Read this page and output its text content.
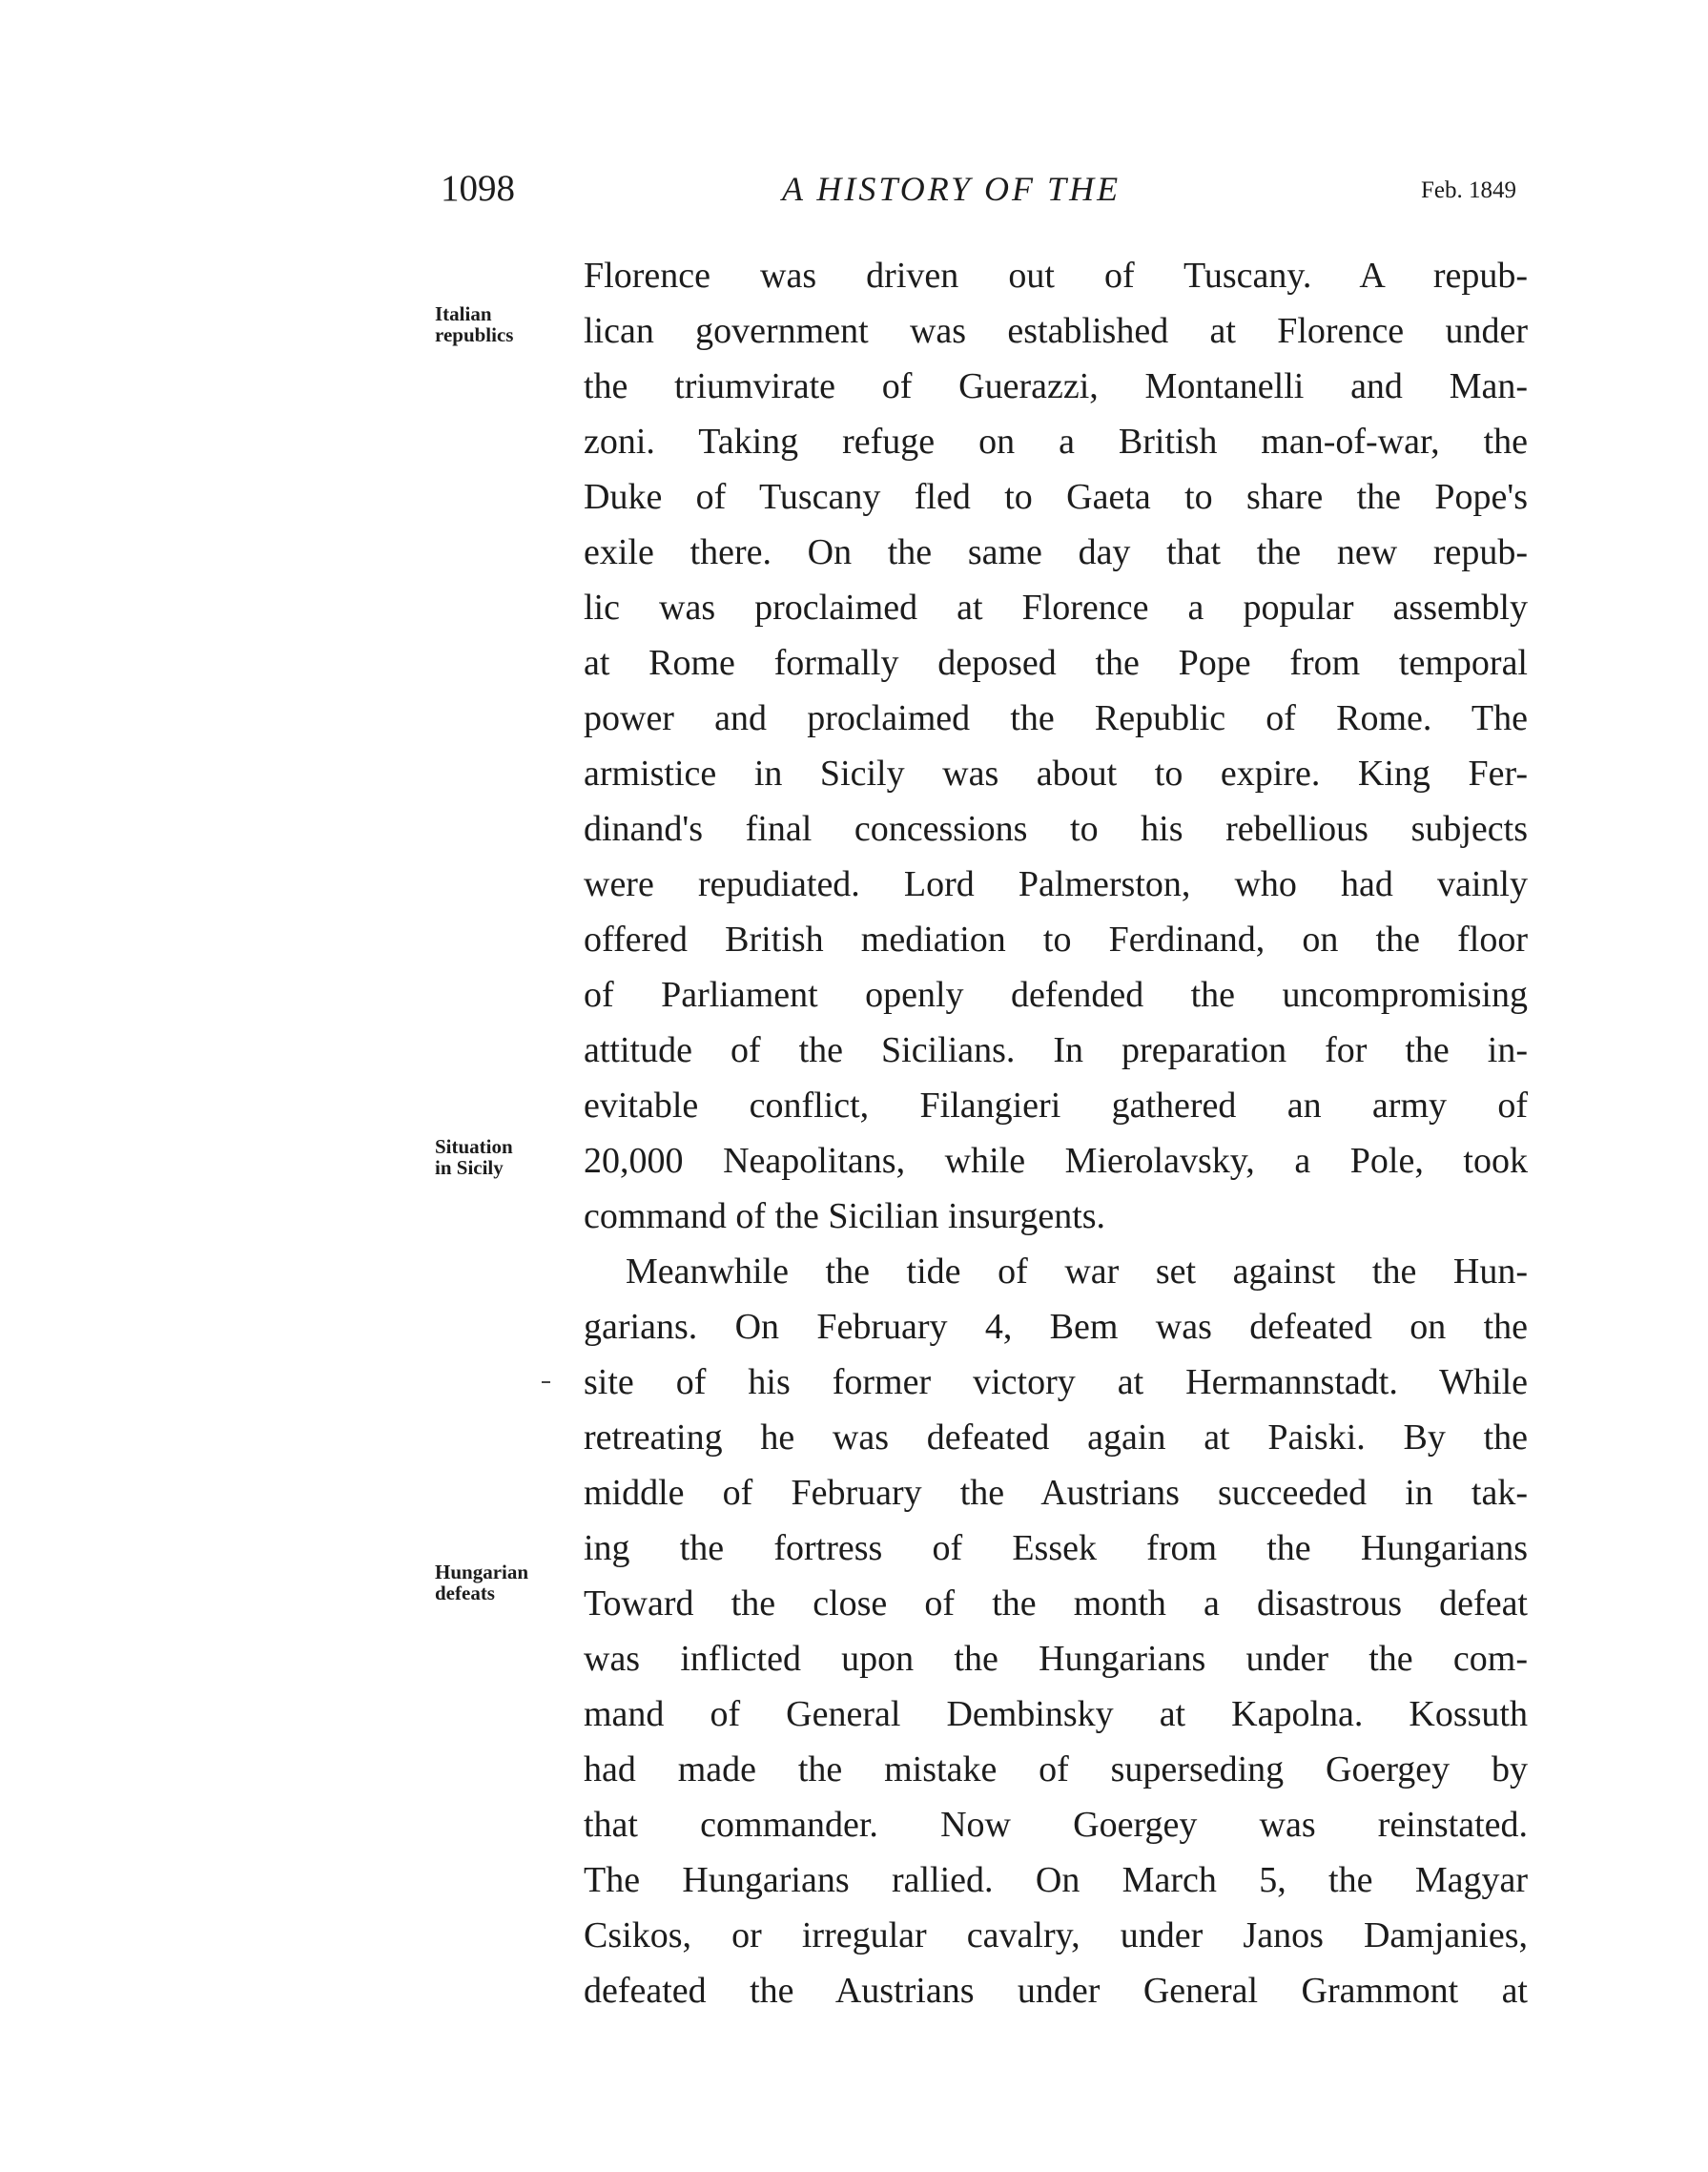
1098	A HISTORY OF THE	Feb. 1849
Italian
republics
Situation
in Sicily
Hungarian
defeats
Florence was driven out of Tuscany. A repub-
lican government was established at Florence under
the triumvirate of Guerazzi, Montanelli and Man-
zoni. Taking refuge on a British man-of-war, the
Duke of Tuscany fled to Gaeta to share the Pope's
exile there. On the same day that the new repub-
lic was proclaimed at Florence a popular assembly
at Rome formally deposed the Pope from temporal
power and proclaimed the Republic of Rome. The
armistice in Sicily was about to expire. King Fer-
dinand's final concessions to his rebellious subjects
were repudiated. Lord Palmerston, who had vainly
offered British mediation to Ferdinand, on the floor
of Parliament openly defended the uncompromising
attitude of the Sicilians. In preparation for the in-
evitable conflict, Filangieri gathered an army of
20,000 Neapolitans, while Mierolavsky, a Pole, took
command of the Sicilian insurgents.
Meanwhile the tide of war set against the Hun-
garians. On February 4, Bem was defeated on the
site of his former victory at Hermannstadt. While
retreating he was defeated again at Paiski. By the
middle of February the Austrians succeeded in tak-
ing the fortress of Essek from the Hungarians
Toward the close of the month a disastrous defeat
was inflicted upon the Hungarians under the com-
mand of General Dembinsky at Kapolna. Kossuth
had made the mistake of superseding Goergey by
that commander. Now Goergey was reinstated.
The Hungarians rallied. On March 5, the Magyar
Csikos, or irregular cavalry, under Janos Damjanies,
defeated the Austrians under General Grammont at
